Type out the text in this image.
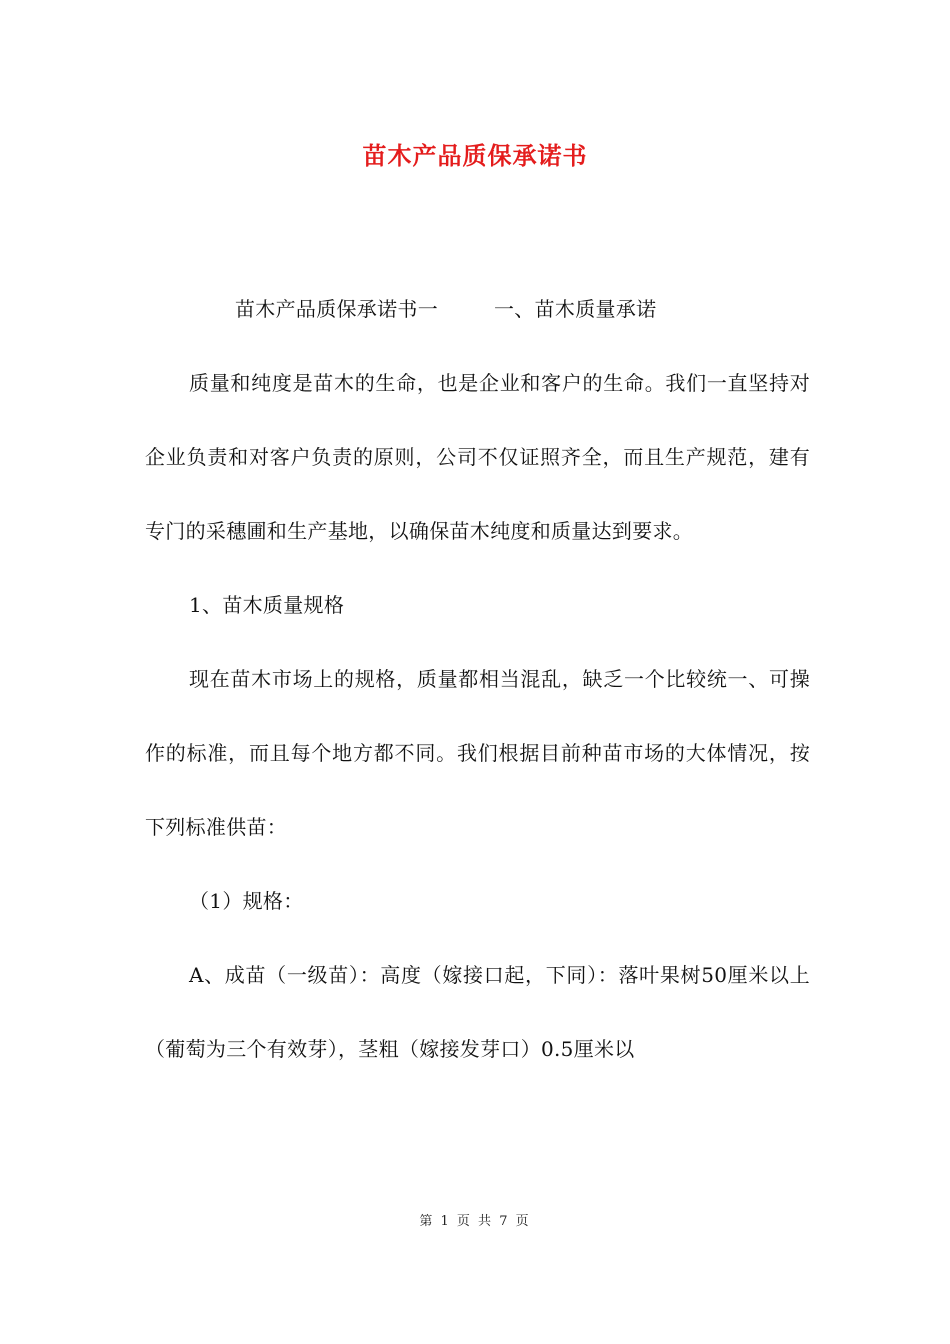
苗木产品质保承诺书

苗木产品质保承诺书一	一、苗木质量承诺

质量和纯度是苗木的生命，也是企业和客户的生命。我们一直坚持对企业负责和对客户负责的原则，公司不仅证照齐全，而且生产规范，建有专门的采穗圃和生产基地，以确保苗木纯度和质量达到要求。

1、苗木质量规格

现在苗木市场上的规格，质量都相当混乱，缺乏一个比较统一、可操作的标准，而且每个地方都不同。我们根据目前种苗市场的大体情况，按下列标准供苗：

（1）规格：

A、成苗（一级苗）：高度（嫁接口起，下同）：落叶果树50厘米以上（葡萄为三个有效芽），茎粗（嫁接发芽口）0.5厘米以

第 1 页 共 7 页
